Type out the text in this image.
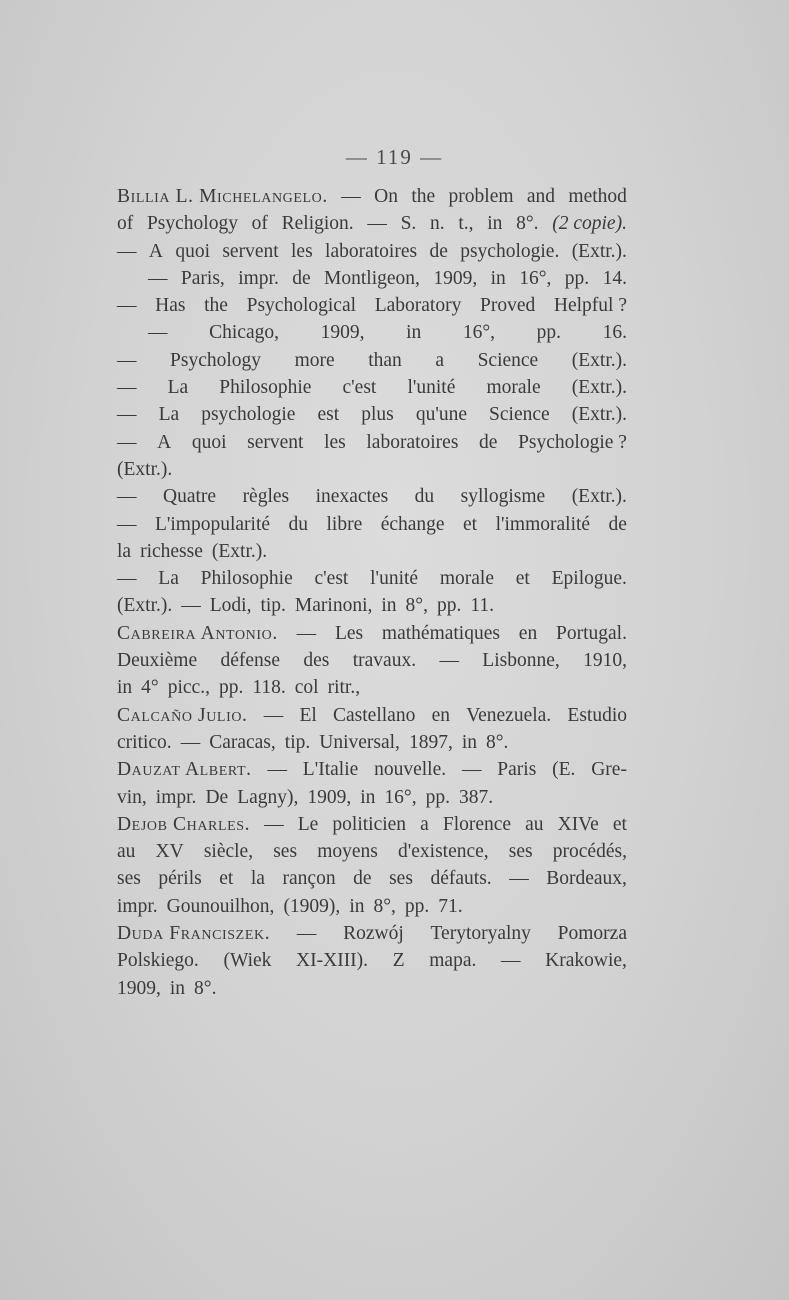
— 119 —
Billia L. Michelangelo. — On the problem and method
of Psychology of Religion. — S. n. t., in 8°. (2 copie).
— A quoi servent les laboratoires de psychologie. (Extr.).
— Paris, impr. de Montligeon, 1909, in 16°, pp. 14.
— Has the Psychological Laboratory Proved Helpful ?
— Chicago, 1909, in 16°, pp. 16.
— Psychology more than a Science (Extr.).
— La Philosophie c'est l'unité morale (Extr.).
— La psychologie est plus qu'une Science (Extr.).
— A quoi servent les laboratoires de Psychologie ?
(Extr.).
— Quatre règles inexactes du syllogisme (Extr.).
— L'impopularité du libre échange et l'immoralité de
la richesse (Extr.).
— La Philosophie c'est l'unité morale et Epilogue.
(Extr.). — Lodi, tip. Marinoni, in 8°, pp. 11.
Cabreira Antonio. — Les mathématiques en Portugal.
Deuxième défense des travaux. — Lisbonne, 1910,
in 4° picc., pp. 118. col ritr.,
Calcaño Julio. — El Castellano en Venezuela. Estudio
critico. — Caracas, tip. Universal, 1897, in 8°.
Dauzat Albert. — L'Italie nouvelle. — Paris (E. Gre-
vin, impr. De Lagny), 1909, in 16°, pp. 387.
Dejob Charles. — Le politicien a Florence au XIVe et
au XV siècle, ses moyens d'existence, ses procédés,
ses périls et la rançon de ses défauts. — Bordeaux,
impr. Gounouilhon, (1909), in 8°, pp. 71.
Duda Franciszek. — Rozwój Terytoryalny Pomorza
Polskiego. (Wiek XI-XIII). Z mapa. — Krakowie,
1909, in 8°.
